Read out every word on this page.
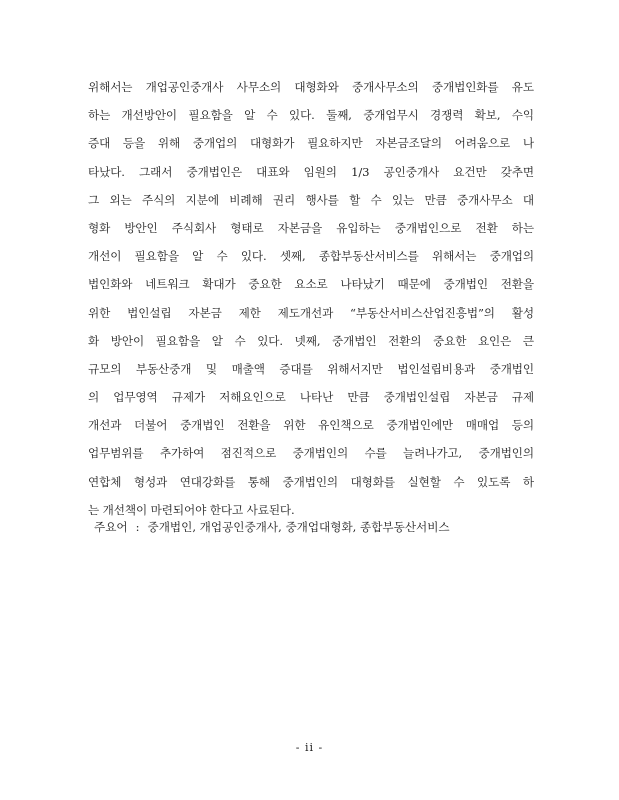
위해서는 개업공인중개사 사무소의 대형화와 중개사무소의 중개법인화를 유도
하는 개선방안이 필요함을 알 수 있다. 둘째, 중개업무시 경쟁력 확보, 수익
증대 등을 위해 중개업의 대형화가 필요하지만 자본금조달의 어려움으로 나
타났다. 그래서 중개법인은 대표와 임원의 1/3 공인중개사 요건만 갖추면
그 외는 주식의 지분에 비례해 권리 행사를 할 수 있는 만큼 중개사무소 대
형화 방안인 주식회사 형태로 자본금을 유입하는 중개법인으로 전환 하는
개선이 필요함을 알 수 있다. 셋째, 종합부동산서비스를 위해서는 중개업의
법인화와 네트워크 확대가 중요한 요소로 나타났기 때문에 중개법인 전환을
위한 법인설립 자본금 제한 제도개선과 “부동산서비스산업진흥법”의 활성
화 방안이 필요함을 알 수 있다. 넷째, 중개법인 전환의 중요한 요인은 큰
규모의 부동산중개 및 매출액 증대를 위해서지만 법인설립비용과 중개법인
의 업무영역 규제가 저해요인으로 나타난 만큼 중개법인설립 자본금 규제
개선과 더불어 중개법인 전환을 위한 유인책으로 중개법인에만 매매업 등의
업무범위를 추가하여 점진적으로 중개법인의 수를 늘려나가고, 중개법인의
연합체 형성과 연대강화를 통해 중개법인의 대형화를 실현할 수 있도록 하
는 개선책이 마련되어야 한다고 사료된다.
주요어 : 중개법인, 개업공인중개사, 중개업대형화, 종합부동산서비스
- ii -
